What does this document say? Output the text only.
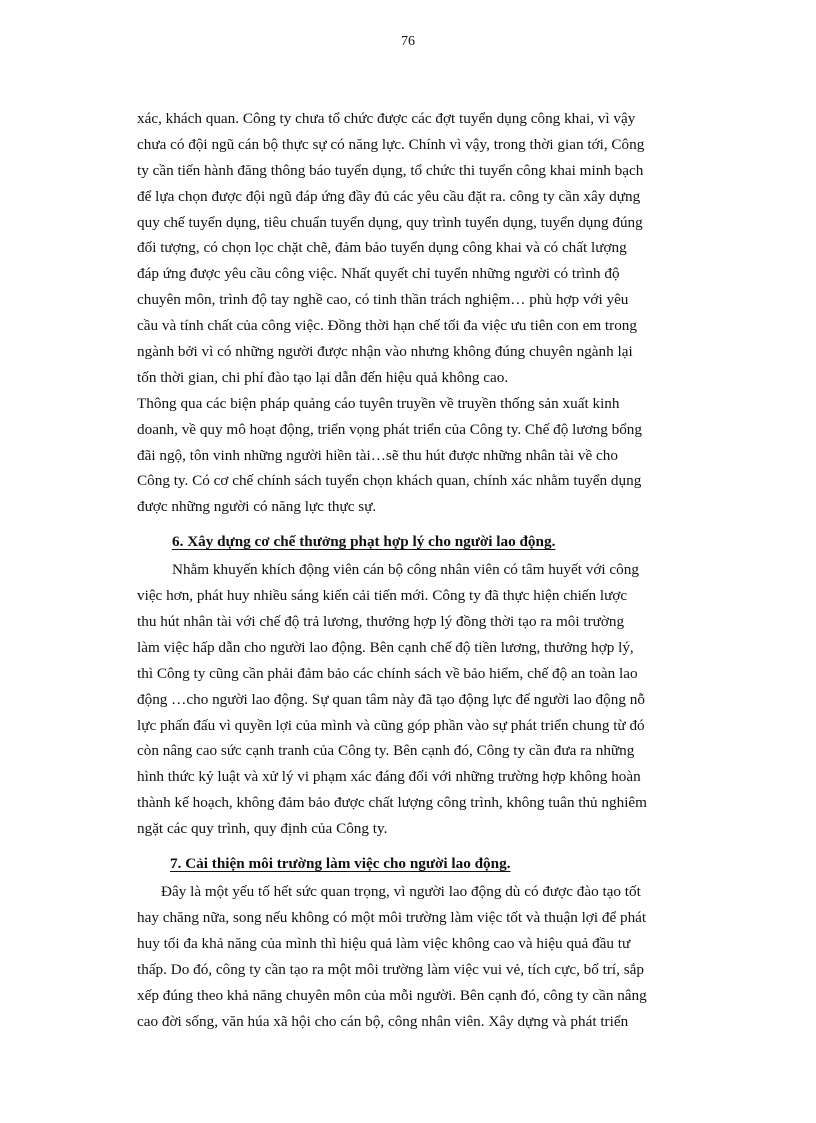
76
xác, khách quan. Công ty chưa tổ chức được các đợt tuyển dụng công khai, vì vậy
chưa có đội ngũ cán bộ thực sự có năng lực. Chính vì vậy, trong thời gian tới, Công
ty cần tiến hành đăng thông báo tuyển dụng, tổ chức thi tuyển công khai minh bạch
để lựa chọn được đội ngũ đáp ứng đầy đủ các yêu cầu đặt ra. công ty cần xây dựng
quy chế tuyển dụng, tiêu chuẩn tuyển dụng, quy trình tuyển dụng, tuyển dụng đúng
đối tượng, có chọn lọc chặt chẽ, đảm bảo tuyển dụng công khai và có chất lượng
đáp ứng được yêu cầu công việc. Nhất quyết chỉ tuyển những người có trình độ
chuyên môn, trình độ tay nghề cao, có tinh thần trách nghiệm… phù hợp với yêu
cầu và tính chất của công việc. Đồng thời hạn chế tối đa việc ưu tiên con em trong
ngành bởi vì có những người được nhận vào nhưng không đúng chuyên ngành lại
tốn thời gian, chi phí đào tạo lại dẫn đến hiệu quả không cao.
Thông qua các biện pháp quảng cáo tuyên truyền về truyền thống sản xuất kinh
doanh, về quy mô hoạt động, triển vọng phát triển của Công ty. Chế độ lương bổng
đãi ngộ, tôn vinh những người hiền tài…sẽ thu hút được những nhân tài về cho
Công ty. Có cơ chế chính sách tuyển chọn khách quan, chính xác nhằm tuyển dụng
được những người có năng lực thực sự.
6. Xây dựng cơ chế thưởng phạt hợp lý cho người lao động.
Nhằm khuyến khích động viên cán bộ công nhân viên có tâm huyết với công
việc hơn, phát huy nhiều sáng kiến cải tiến mới. Công ty đã thực hiện chiến lược
thu hút nhân tài với chế độ trả lương, thưởng hợp lý đồng thời tạo ra môi trường
làm việc hấp dẫn cho người lao động. Bên cạnh chế độ tiền lương, thưởng hợp lý,
thì Công ty cũng cần phải đảm bảo các chính sách về bảo hiểm, chế độ an toàn lao
động …cho người lao động. Sự quan tâm này đã tạo động lực để người lao động nỗ
lực phấn đấu vì quyền lợi của mình và cũng góp phần vào sự phát triển chung từ đó
còn nâng cao sức cạnh tranh của Công ty. Bên cạnh đó, Công ty cần đưa ra những
hình thức kỷ luật và xử lý vi phạm xác đáng đối với những trường hợp không hoàn
thành kế hoạch, không đảm bảo được chất lượng công trình, không tuân thủ nghiêm
ngặt các quy trình, quy định của Công ty.
7. Cải thiện môi trường làm việc cho người lao động.
Đây là một yếu tố hết sức quan trọng, vì người lao động dù có được đào tạo tốt
hay chăng nữa, song nếu không có một môi trường làm việc tốt và thuận lợi để phát
huy tối đa khả năng của mình thì hiệu quả làm việc không cao và hiệu quả đầu tư
thấp. Do đó, công ty cần tạo ra một môi trường làm việc vui vẻ, tích cực, bố trí, sắp
xếp đúng theo khả năng chuyên môn của mỗi người. Bên cạnh đó, công ty cần nâng
cao đời sống, văn húa xã hội cho cán bộ, công nhân viên. Xây dựng và phát triển
